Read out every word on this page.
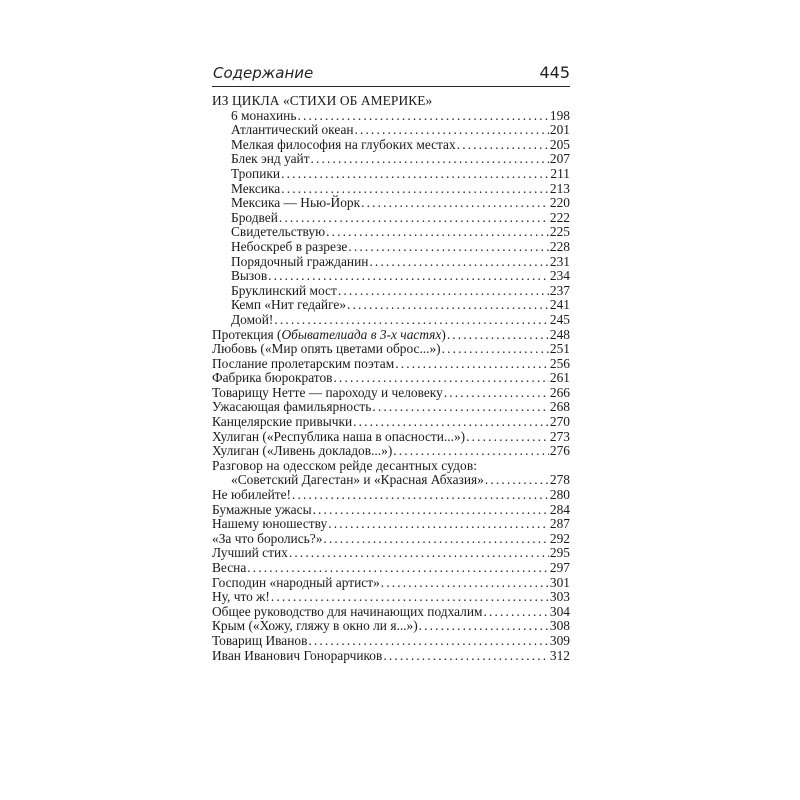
Содержание	445
ИЗ ЦИКЛА «СТИХИ ОБ АМЕРИКЕ»
6 монахинь . . .	198
Атлантический океан . . .	201
Мелкая философия на глубоких местах . . .	205
Блек энд уайт . . .	207
Тропики . . .	211
Мексика . . .	213
Мексика — Нью-Йорк . . .	220
Бродвей . . .	222
Свидетельствую . . .	225
Небоскреб в разрезе . . .	228
Порядочный гражданин . . .	231
Вызов . . .	234
Бруклинский мост . . .	237
Кемп «Нит гедайге» . . .	241
Домой! . . .	245
Протекция (Обывателиада в 3-х частях) . . .	248
Любовь («Мир опять цветами оброс...») . . .	251
Послание пролетарским поэтам . . .	256
Фабрика бюрократов . . .	261
Товарищу Нетте — пароходу и человеку . . .	266
Ужасающая фамильярность . . .	268
Канцелярские привычки . . .	270
Хулиган («Республика наша в опасности...») . . .	273
Хулиган («Ливень докладов...») . . .	276
Разговор на одесском рейде десантных судов:
«Советский Дагестан» и «Красная Абхазия» . . .	278
Не юбилейте! . . .	280
Бумажные ужасы . . .	284
Нашему юношеству . . .	287
«За что боролись?» . . .	292
Лучший стих . . .	295
Весна . . .	297
Господин «народный артист» . . .	301
Ну, что ж! . . .	303
Общее руководство для начинающих подхалим . . .	304
Крым («Хожу, гляжу в окно ли я...») . . .	308
Товарищ Иванов . . .	309
Иван Иванович Гонорарчиков . . .	312
